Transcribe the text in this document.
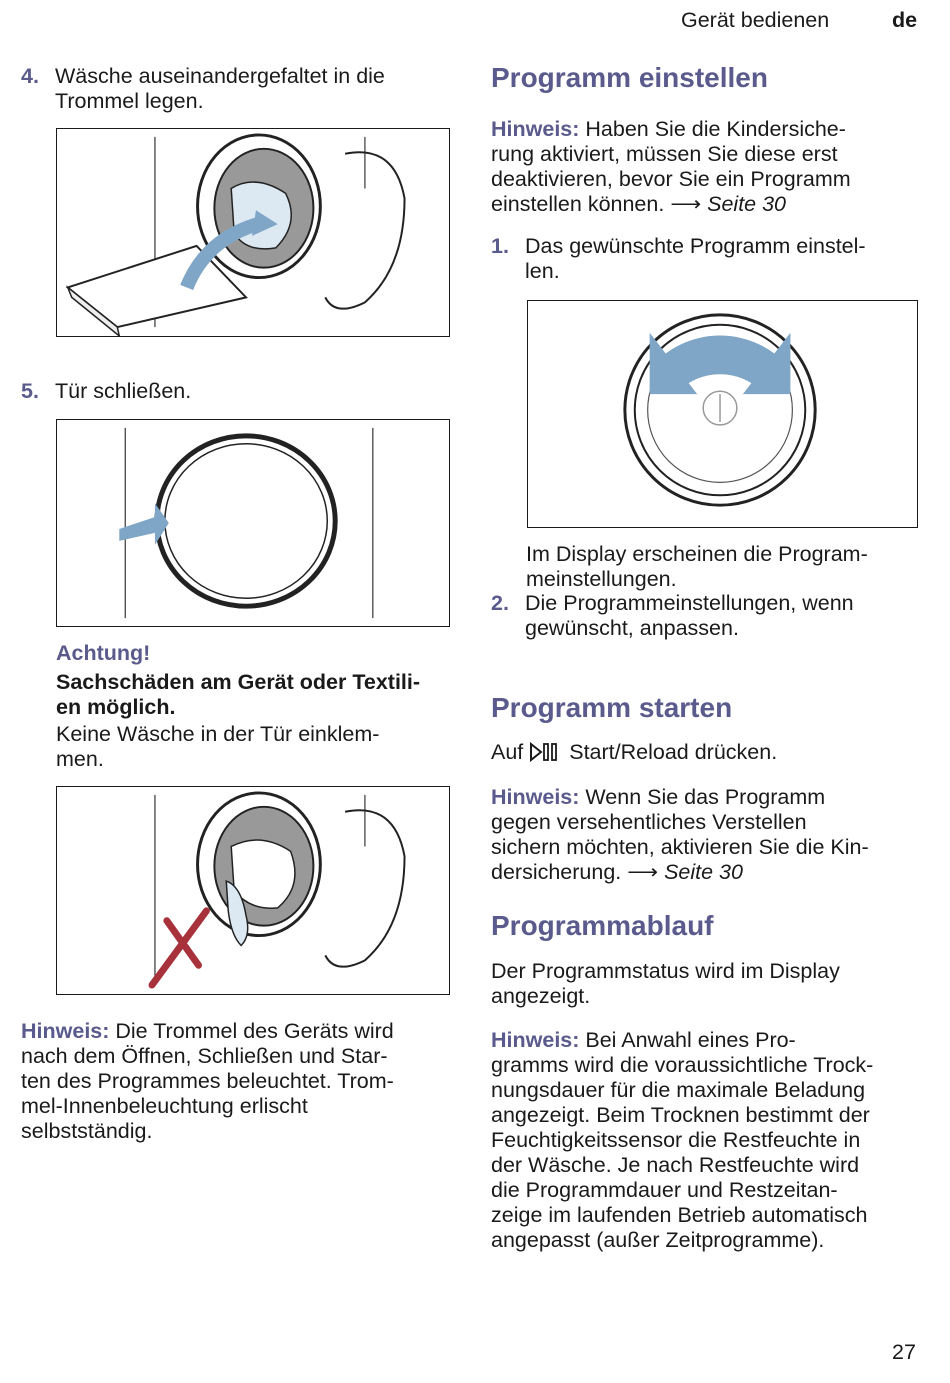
Gerät bedienen	de
4. Wäsche auseinandergefaltet in die
Trommel legen.
5. Tür schließen.
Achtung!
Sachschäden am Gerät oder Textili-
en möglich.
Keine Wäsche in der Tür einklem-
men.
Hinweis: Die Trommel des Geräts wird
nach dem Öffnen, Schließen und Star-
ten des Programmes beleuchtet. Trom-
mel-Innenbeleuchtung erlischt
selbstständig.
Programm einstellen
Hinweis: Haben Sie die Kindersiche-
rung aktiviert, müssen Sie diese erst
deaktivieren, bevor Sie ein Programm
einstellen können. ⟶ Seite 30
1. Das gewünschte Programm einstel-
len.
Im Display erscheinen die Program-
meinstellungen.
2. Die Programmeinstellungen, wenn
gewünscht, anpassen.
Programm starten
Auf  Start/Reload drücken.
Hinweis: Wenn Sie das Programm
gegen versehentliches Verstellen
sichern möchten, aktivieren Sie die Kin-
dersicherung. ⟶ Seite 30
Programmablauf
Der Programmstatus wird im Display
angezeigt.
Hinweis: Bei Anwahl eines Pro-
gramms wird die voraussichtliche Trock-
nungsdauer für die maximale Beladung
angezeigt. Beim Trocknen bestimmt der
Feuchtigkeitssensor die Restfeuchte in
der Wäsche. Je nach Restfeuchte wird
die Programmdauer und Restzeitan-
zeige im laufenden Betrieb automatisch
angepasst (außer Zeitprogramme).
27
